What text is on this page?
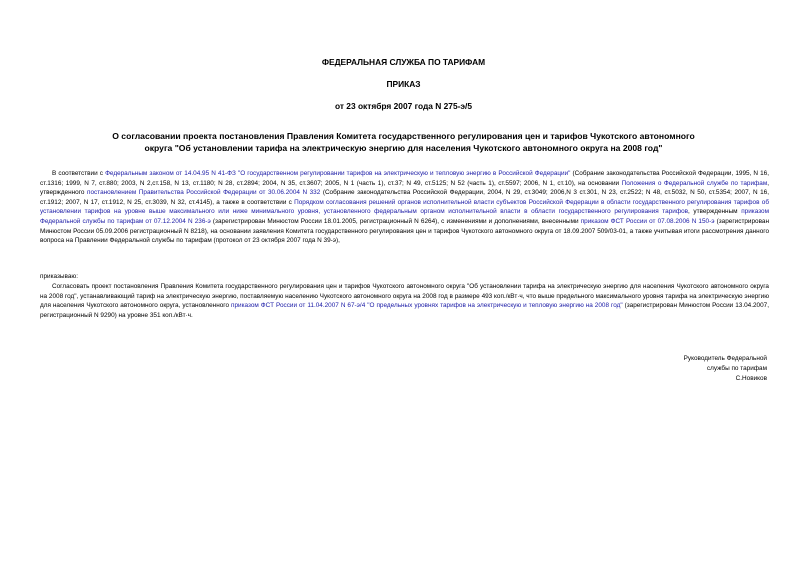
ФЕДЕРАЛЬНАЯ СЛУЖБА ПО ТАРИФАМ
ПРИКАЗ
от 23 октября 2007 года N 275-э/5
О согласовании проекта постановления Правления Комитета государственного регулирования цен и тарифов Чукотского автономного
округа "Об установлении тарифа на электрическую энергию для населения Чукотского автономного округа на 2008 год"
В соответствии с Федеральным законом от 14.04.95 N 41-ФЗ "О государственном регулировании тарифов на электрическую и тепловую энергию в Российской Федерации" (Собрание законодательства Российской Федерации, 1995, N 16, ст.1316; 1999, N 7, ст.880; 2003, N 2,ст.158, N 13, ст.1180; N 28, ст.2894; 2004, N 35, ст.3607; 2005, N 1 (часть 1), ст.37; N 49, ст.5125; N 52 (часть 1), ст.5597; 2006, N 1, ст.10), на основании Положения о Федеральной службе по тарифам, утвержденного постановлением Правительства Российской Федерации от 30.06.2004 N 332 (Собрание законодательства Российской Федерации, 2004, N 29, ст.3049; 2006,N 3 ст.301, N 23, ст.2522; N 48, ст.5032, N 50, ст.5354; 2007, N 16, ст.1912; 2007, N 17, ст.1912, N 25, ст.3039, N 32, ст.4145), а также в соответствии с Порядком согласования решений органов исполнительной власти субъектов Российской Федерации в области государственного регулирования тарифов об установлении тарифов на уровне выше максимального или ниже минимального уровня, установленного федеральным органом исполнительной власти в области государственного регулирования тарифов, утвержденным приказом Федеральной службы по тарифам от 07.12.2004 N 236-э (зарегистрирован Минюстом России 18.01.2005, регистрационный N 6264), с изменениями и дополнениями, внесенными приказом ФСТ России от 07.08.2006 N 150-э (зарегистрирован Минюстом России 05.09.2006 регистрационный N 8218), на основании заявления Комитета государственного регулирования цен и тарифов Чукотского автономного округа от 18.09.2007 509/03-01, а также учитывая итоги рассмотрения данного вопроса на Правлении Федеральной службы по тарифам (протокол от 23 октября 2007 года N 39-э),
приказываю:
Согласовать проект постановления Правления Комитета государственного регулирования цен и тарифов Чукотского автономного округа "Об установлении тарифа на электрическую энергию для населения Чукотского автономного округа на 2008 год", устанавливающий тариф на электрическую энергию, поставляемую населению Чукотского автономного округа на 2008 год в размере 493 коп./кВт·ч, что выше предельного максимального уровня тарифа на электрическую энергию для населения Чукотского автономного округа, установленного приказом ФСТ России от 11.04.2007 N 67-э/4 "О предельных уровнях тарифов на электрическую и тепловую энергию на 2008 год" (зарегистрирован Минюстом России 13.04.2007, регистрационный N 9290) на уровне 351 коп./кВт·ч.
Руководитель Федеральной
службы по тарифам
С.Новиков
